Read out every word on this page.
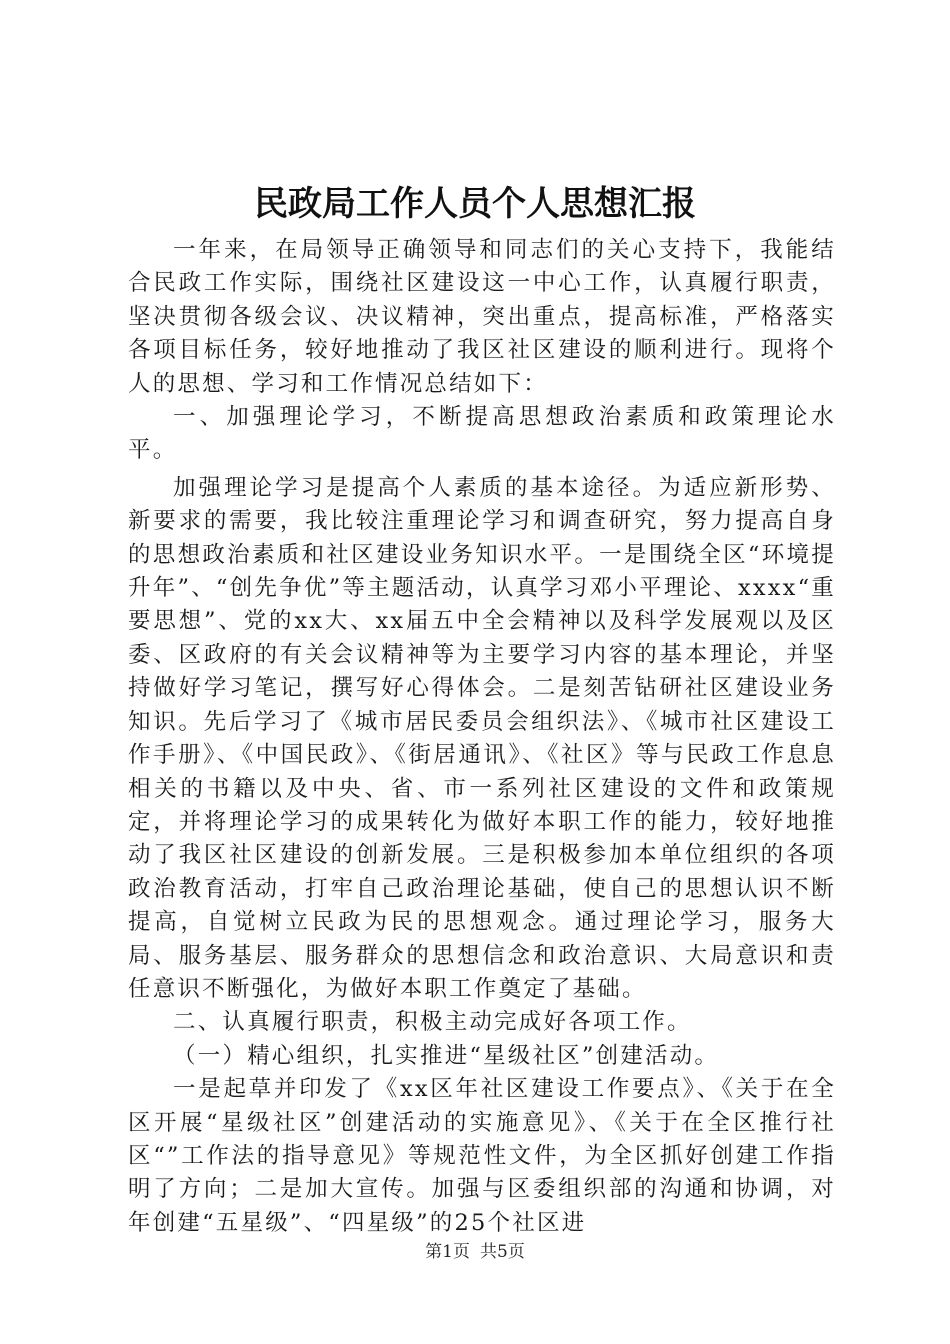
民政局工作人员个人思想汇报

一年来，在局领导正确领导和同志们的关心支持下，我能结合民政工作实际，围绕社区建设这一中心工作，认真履行职责，坚决贯彻各级会议、决议精神，突出重点，提高标准，严格落实各项目标任务，较好地推动了我区社区建设的顺利进行。现将个人的思想、学习和工作情况总结如下：

一、加强理论学习，不断提高思想政治素质和政策理论水平。

加强理论学习是提高个人素质的基本途径。为适应新形势、新要求的需要，我比较注重理论学习和调查研究，努力提高自身的思想政治素质和社区建设业务知识水平。一是围绕全区“环境提升年”、“创先争优”等主题活动，认真学习邓小平理论、xxxx“重要思想”、党的xx大、xx届五中全会精神以及科学发展观以及区委、区政府的有关会议精神等为主要学习内容的基本理论，并坚持做好学习笔记，撰写好心得体会。二是刻苦钻研社区建设业务知识。先后学习了《城市居民委员会组织法》、《城市社区建设工作手册》、《中国民政》、《街居通讯》、《社区》等与民政工作息息相关的书籍以及中央、省、市一系列社区建设的文件和政策规定，并将理论学习的成果转化为做好本职工作的能力，较好地推动了我区社区建设的创新发展。三是积极参加本单位组织的各项政治教育活动，打牢自己政治理论基础，使自己的思想认识不断提高，自觉树立民政为民的思想观念。通过理论学习，服务大局、服务基层、服务群众的思想信念和政治意识、大局意识和责任意识不断强化，为做好本职工作奠定了基础。

二、认真履行职责，积极主动完成好各项工作。

（一）精心组织，扎实推进“星级社区”创建活动。

一是起草并印发了《xx区年社区建设工作要点》、《关于在全区开展“星级社区”创建活动的实施意见》、《关于在全区推行社区“”工作法的指导意见》等规范性文件，为全区抓好创建工作指明了方向；二是加大宣传。加强与区委组织部的沟通和协调，对年创建“五星级”、“四星级”的25个社区进

第1页 共5页
